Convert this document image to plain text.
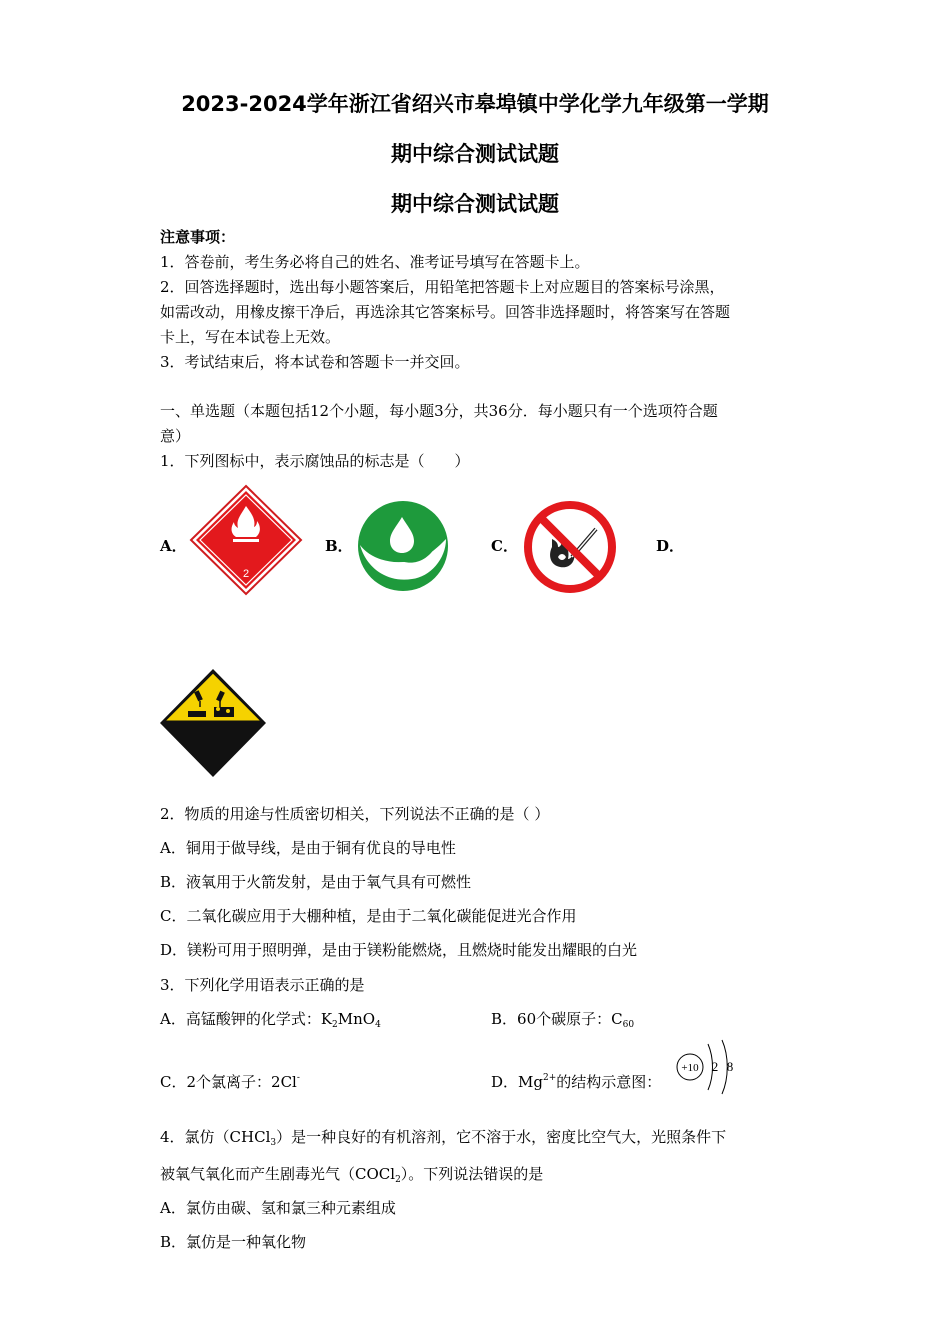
2023-2024学年浙江省绍兴市皋埠镇中学化学九年级第一学期
期中综合测试试题
期中综合测试试题
注意事项：
1．答卷前，考生务必将自己的姓名、准考证号填写在答题卡上。
2．回答选择题时，选出每小题答案后，用铅笔把答题卡上对应题目的答案标号涂黑，
如需改动，用橡皮擦干净后，再选涂其它答案标号。回答非选择题时，将答案写在答题
卡上，写在本试卷上无效。
3．考试结束后，将本试卷和答题卡一并交回。
一、单选题（本题包括12个小题，每小题3分，共36分．每小题只有一个选项符合题
意）
1．下列图标中，表示腐蚀品的标志是（　　）
A．	B．	C．	D．
2
2．物质的用途与性质密切相关，下列说法不正确的是（ ）
A．铜用于做导线，是由于铜有优良的导电性
B．液氧用于火箭发射，是由于氧气具有可燃性
C．二氧化碳应用于大棚种植，是由于二氧化碳能促进光合作用
D．镁粉可用于照明弹，是由于镁粉能燃烧，且燃烧时能发出耀眼的白光
3．下列化学用语表示正确的是
A．高锰酸钾的化学式：$K_2MnO_4$	B．60个碳原子：$C_{60}$
C．2个氯离子：2Cl-	D．$Mg^{2+}$的结构示意图：
+10 2 8
4．氯仿（CHCl$_3$）是一种良好的有机溶剂，它不溶于水，密度比空气大，光照条件下
被氧气氧化而产生剧毒光气（COCl$_2$）。下列说法错误的是
A．氯仿由碳、氢和氯三种元素组成
B．氯仿是一种氧化物
